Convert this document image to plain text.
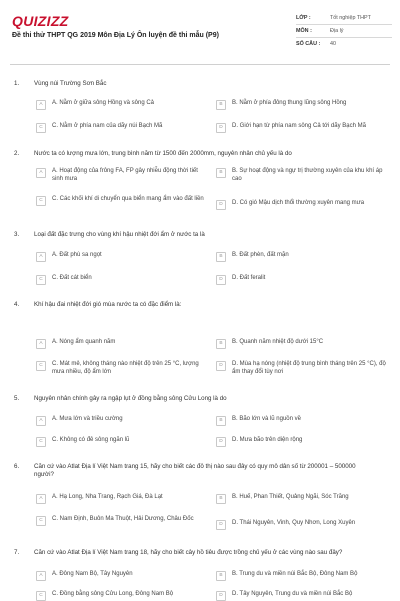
QUIZIZZ
Đề thi thử THPT QG 2019 Môn Địa Lý Ôn luyện đề thi mẫu (P9)
LỚP :	Tốt nghiệp THPT
MÔN :	Địa lý
SỐ CÂU :	40
1. Vùng núi Trường Sơn Bắc
A	A. Nằm ở giữa sông Hồng và sông Cả	B	B. Nằm ở phía đông thung lũng sông Hồng
C	C. Nằm ở phía nam của dãy núi Bạch Mã	D	D. Giới hạn từ phía nam sông Cả tới dãy Bạch Mã
2. Nước ta có lượng mưa lớn, trung bình năm từ 1500 đến 2000mm, nguyên nhân chủ yếu là do
A	A. Hoạt động của frông FA, FP gây nhiễu động thời tiết sinh mưa
B	B. Sự hoạt động và ngự trị thường xuyên của khu khí áp cao
C	C. Các khối khí di chuyển qua biển mang ẩm vào đất liền
D	D. Có gió Mậu dịch thổi thường xuyên mang mưa
3. Loại đất đặc trưng cho vùng khí hậu nhiệt đới ẩm ở nước ta là
A	A. Đất phù sa ngọt	B	B. Đất phèn, đất mặn
C	C. Đất cát biển	D	D. Đất feralit
4. Khí hậu đai nhiệt đới gió mùa nước ta có đặc điểm là:
A	A. Nóng ẩm quanh năm	B	B. Quanh năm nhiệt độ dưới 15°C
C	C. Mát mẻ, không tháng nào nhiệt độ trên 25 °C, lượng mưa nhiều, độ ẩm lớn
D	D. Mùa hạ nóng (nhiệt độ trung bình tháng trên 25 °C), độ ẩm thay đổi tùy nơi
5. Nguyên nhân chính gây ra ngập lụt ở đồng bằng sông Cửu Long là do
A	A. Mưa lớn và triều cường	B	B. Bão lớn và lũ nguồn về
C	C. Không có đê sông ngăn lũ	D	D. Mưa bão trên diện rộng
6. Căn cứ vào Atlat Địa lí Việt Nam trang 15, hãy cho biết các đô thị nào sau đây có quy mô dân số từ 200001 – 500000 người?
A	A. Hạ Long, Nha Trang, Rạch Giá, Đà Lạt	B	B. Huế, Phan Thiết, Quảng Ngãi, Sóc Trăng
C	C. Nam Định, Buôn Ma Thuột, Hải Dương, Châu Đốc
D	D. Thái Nguyên, Vinh, Quy Nhơn, Long Xuyên
7. Căn cứ vào Atlat Địa lí Việt Nam trang 18, hãy cho biết cây hồ tiêu được trồng chủ yếu ở các vùng nào sau đây?
A	A. Đông Nam Bộ, Tây Nguyên	B	B. Trung du và miền núi Bắc Bộ, Đông Nam Bộ
C	C. Đồng bằng sông Cửu Long, Đông Nam Bộ	D	D. Tây Nguyên, Trung du và miền núi Bắc Bộ
